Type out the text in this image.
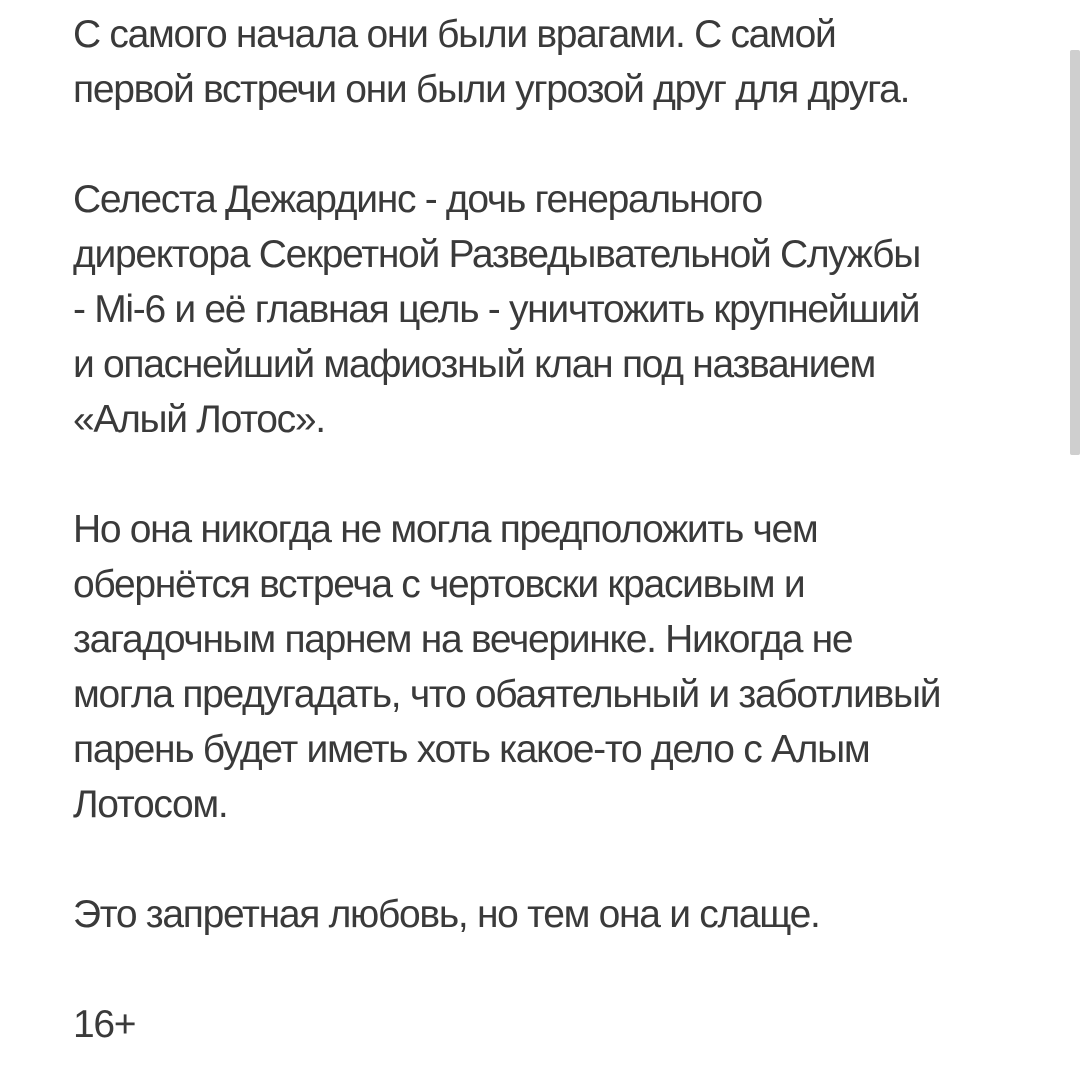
С самого начала они были врагами. С самой
первой встречи они были угрозой друг для друга.

Селеста Дежардинс - дочь генерального
директора Секретной Разведывательной Службы
- Mi-6 и её главная цель - уничтожить крупнейший
и опаснейший мафиозный клан под названием
«Алый Лотос».

Но она никогда не могла предположить чем
обернётся встреча с чертовски красивым и
загадочным парнем на вечеринке. Никогда не
могла предугадать, что обаятельный и заботливый
парень будет иметь хоть какое-то дело с Алым
Лотосом.

Это запретная любовь, но тем она и слаще.

16+
